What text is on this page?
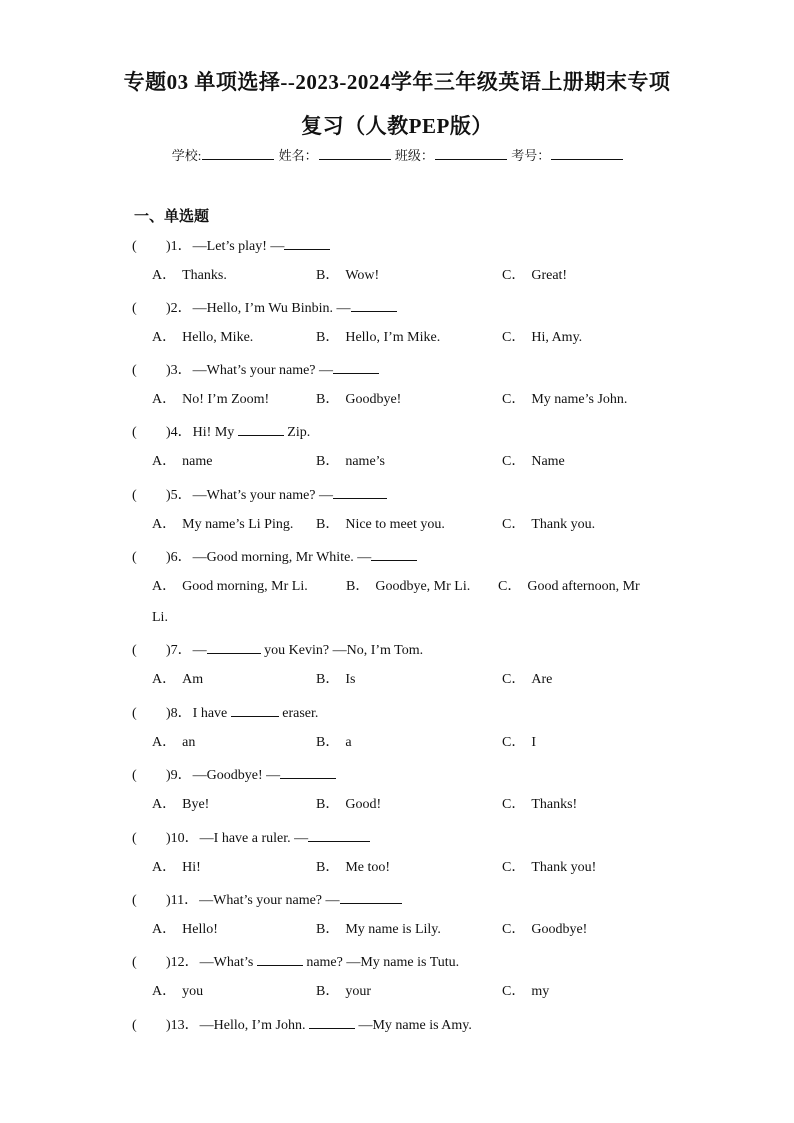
专题03 单项选择--2023-2024学年三年级英语上册期末专项
复习（人教PEP版）
学校:	姓名：	班级：	考号：
一、单选题
( )1．—Let’s play! —
A． Thanks.	B． Wow!	C． Great!
( )2．—Hello, I’m Wu Binbin. —
A． Hello, Mike.	B． Hello, I’m Mike.	C． Hi, Amy.
( )3．—What’s your name? —
A． No! I’m Zoom!	B． Goodbye!	C． My name’s John.
( )4．Hi! My	Zip.
A． name	B． name’s	C． Name
( )5．—What’s your name? —
A． My name’s Li Ping. B． Nice to meet you.	C． Thank you.
( )6．—Good morning, Mr White. —
A． Good morning, Mr Li.	B． Goodbye, Mr Li. C． Good afternoon, Mr
Li.
( )7．—	you Kevin? —No, I’m Tom.
A． Am	B． Is	C． Are
( )8．I have	eraser.
A． an	B． a	C． I
( )9．—Goodbye! —
A． Bye!	B． Good!	C． Thanks!
( )10．—I have a ruler. —
A． Hi!	B． Me too!	C． Thank you!
( )11．—What’s your name? —
A． Hello!	B． My name is Lily.	C． Goodbye!
( )12．—What’s	name? —My name is Tutu.
A． you	B． your	C． my
( )13．—Hello, I’m John.	—My name is Amy.
